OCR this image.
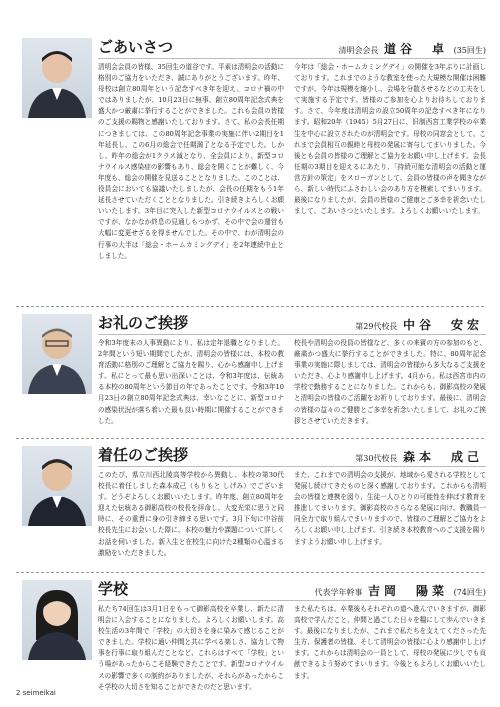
ごあいさつ	清明会会長 道谷　卓 (35回生)

清明会会員の皆様、35回生の道谷です。平素は清明会の活動に格別のご協力をいただき、誠にありがとうございます。昨年、母校は創立80周年という記念すべき年を迎え、コロナ禍の中ではありましたが、10月23日に無事、創立80周年記念式典を盛大かつ厳粛に挙行することができました。これも会員の皆様のご支援の賜物と感謝いたしております。さて、私の会長任期につきましては、この80周年記念事業の実施に伴い2期目を1年延長し、この6月の総会で任期満了となる予定でした。しかし、昨年の総会が1クラス減となり、全会員により、新型コロナウイルス感染症の影響もあり、総会を開くことが難しく、今年度も、総会の開催を見送ることとなりました。このことは、役員会においても協議いたしましたが、会長の任期をもう1年延長させていただくこととなりました。引き続きよろしくお願いいたします。3年目に突入した新型コロナウイルスとの戦いですが、なかなか終息の見通しもつかず、その中で会の運営も大幅に変更せざるを得ませんでした。その中で、わが清明会の行事の大半は「総会・ホームカミングデイ」を2年連続中止としました。

今年は「総会・ホームカミングデイ」の開催を3年ぶりに計画しております。これまでのような教室を使った大規模な開催は困難ですが、今年は規模を縮小し、会場を分散させるなどの工夫をして実施する予定です。皆様のご参加を心よりお待ちしております。さて、今年度は清明会の設立50周年の記念すべき年になります。昭和20年（1945）5月27日に、旧制西宮工業学校の卒業生を中心に設立されたのが清明会です。母校の同窓会として、これまで会員相互の親睦と母校の発展に寄与してまいりました。今後とも会員の皆様のご理解とご協力をお願い申し上げます。会長任期の3期目を迎えるにあたり、「持続可能な清明会の活動と運営方針の策定」をスローガンとして、会員の皆様の声を聞きながら、新しい時代にふさわしい会のあり方を模索してまいります。最後になりましたが、会員の皆様のご健康とご多幸を祈念いたしまして、ごあいさつといたします。よろしくお願いいたします。

お礼のご挨拶	第29代校長 中谷　安宏

令和3年度末の人事異動により、私は定年退職となりました。2年間という短い期間でしたが、清明会の皆様には、本校の教育活動に格別のご理解とご協力を賜り、心から感謝申し上げます。私にとって最も思い出深いことは、令和3年度は、伝統ある本校の80周年という節目の年であったことです。令和3年10月23日の創立80周年記念式典は、幸いなことに、新型コロナの感染状況が落ち着いた最も良い時期に開催することができました。

校長や清明会の役員の皆様など、多くの来賓の方の参加のもと、厳粛かつ盛大に挙行することができました。特に、80周年記念事業の実施に際しましては、清明会の皆様から多大なるご支援をいただき、心より感謝申し上げます。4月から、私は西宮市内の学校で勤務することになりました。これからも、御影高校の発展と清明会の皆様のご活躍をお祈りしております。最後に、清明会の皆様の益々のご健勝とご多幸を祈念いたしまして、お礼のご挨拶とさせていただきます。

着任のご挨拶	第30代校長 森本　成己

このたび、県立川西北陵高等学校から異動し、本校の第30代校長に着任しました森本成己（もりもと しげみ）でございます。どうぞよろしくお願いいたします。昨年度、創立80周年を迎えた伝統ある御影高校の校長を拝命し、大変光栄に思うと同時に、その重責に身の引き締まる思いです。3月下旬に中谷前校長先生にお会いした際に、本校の魅力や課題について詳しくお話を伺いました。新入生と在校生に向けた2種類の心温まる激励をいただきました。

また、これまでの清明会の支援が、地域から愛される学校として発展し続けてきたものと深く感謝しております。これからも清明会の皆様と連携を図り、生徒一人ひとりの可能性を伸ばす教育を推進してまいります。御影高校のさらなる発展に向け、教職員一同全力で取り組んでまいりますので、皆様のご理解とご協力をよろしくお願い申し上げます。引き続き本校教育へのご支援を賜りますようお願い申し上げます。

学校	代表学年幹事 吉岡　陽菜 (74回生)

私たち74回生は3月1日をもって御影高校を卒業し、新たに清明会に入会することになりました。よろしくお願いします。高校生活の3年間で「学校」の大切さを身に染みて感じることができました。学校に通い仲間と共に学べる楽しさ、協力して物事を行事に取り組んだことなど、これらはすべて「学校」という場があったからこそ経験できたことです。新型コロナウイルスの影響で多くの制約がありましたが、それらがあったからこそ学校の大切さを知ることができたのだと思います。

また私たちは、卒業後もそれぞれの道へ進んでいきますが、御影高校で学んだこと、仲間と過ごした日々を糧にして歩んでいきます。最後になりましたが、これまで私たちを支えてくださった先生方、保護者の皆様、そして清明会の皆様に心より感謝申し上げます。これからは清明会の一員として、母校の発展に少しでも貢献できるよう努めてまいります。今後ともよろしくお願いいたします。

2 seimeikai
